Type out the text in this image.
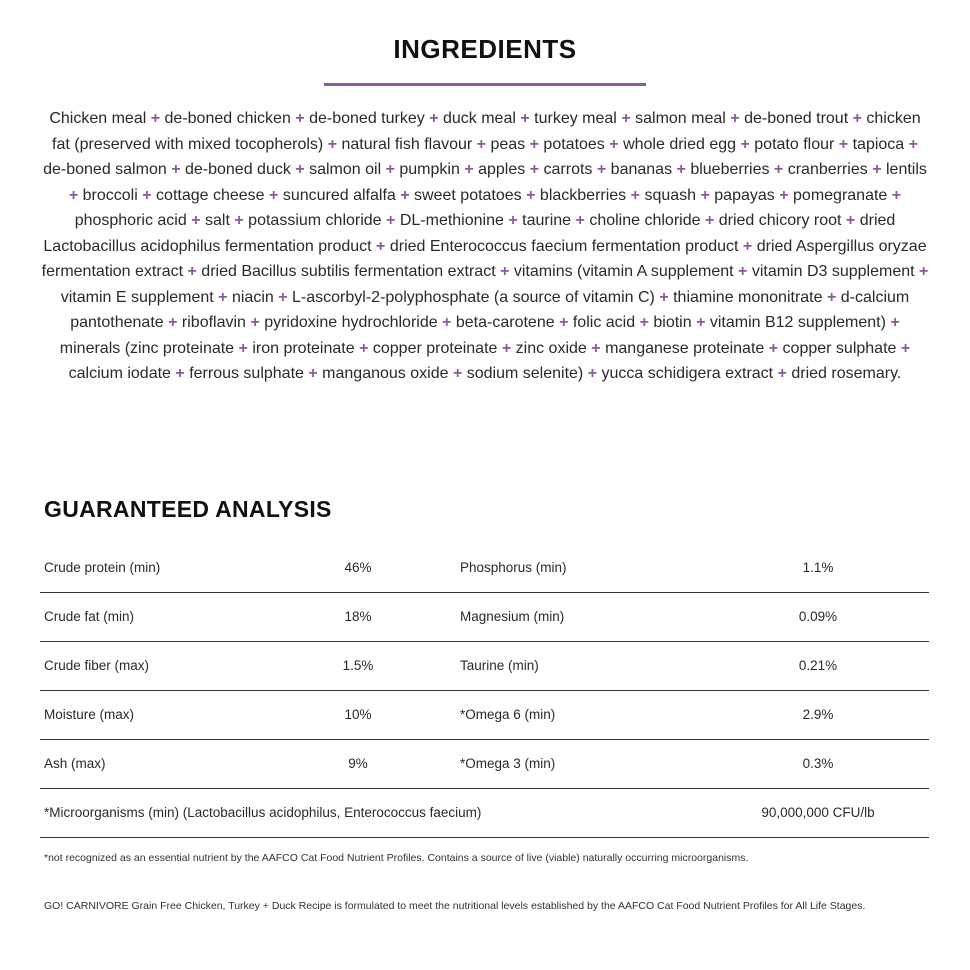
INGREDIENTS
Chicken meal + de-boned chicken + de-boned turkey + duck meal + turkey meal + salmon meal + de-boned trout + chicken fat (preserved with mixed tocopherols) + natural fish flavour + peas + potatoes + whole dried egg + potato flour + tapioca + de-boned salmon + de-boned duck + salmon oil + pumpkin + apples + carrots + bananas + blueberries + cranberries + lentils + broccoli + cottage cheese + suncured alfalfa + sweet potatoes + blackberries + squash + papayas + pomegranate + phosphoric acid + salt + potassium chloride + DL-methionine + taurine + choline chloride + dried chicory root + dried Lactobacillus acidophilus fermentation product + dried Enterococcus faecium fermentation product + dried Aspergillus oryzae fermentation extract + dried Bacillus subtilis fermentation extract + vitamins (vitamin A supplement + vitamin D3 supplement + vitamin E supplement + niacin + L-ascorbyl-2-polyphosphate (a source of vitamin C) + thiamine mononitrate + d-calcium pantothenate + riboflavin + pyridoxine hydrochloride + beta-carotene + folic acid + biotin + vitamin B12 supplement) + minerals (zinc proteinate + iron proteinate + copper proteinate + zinc oxide + manganese proteinate + copper sulphate + calcium iodate + ferrous sulphate + manganous oxide + sodium selenite) + yucca schidigera extract + dried rosemary.
GUARANTEED ANALYSIS
Crude protein (min)	46%	Phosphorus (min)	1.1%
Crude fat (min)	18%	Magnesium (min)	0.09%
Crude fiber (max)	1.5%	Taurine (min)	0.21%
Moisture (max)	10%	*Omega 6 (min)	2.9%
Ash (max)	9%	*Omega 3 (min)	0.3%
*Microorganisms (min) (Lactobacillus acidophilus, Enterococcus faecium)	90,000,000 CFU/lb
*not recognized as an essential nutrient by the AAFCO Cat Food Nutrient Profiles. Contains a source of live (viable) naturally occurring microorganisms.
GO! CARNIVORE Grain Free Chicken, Turkey + Duck Recipe is formulated to meet the nutritional levels established by the AAFCO Cat Food Nutrient Profiles for All Life Stages.
